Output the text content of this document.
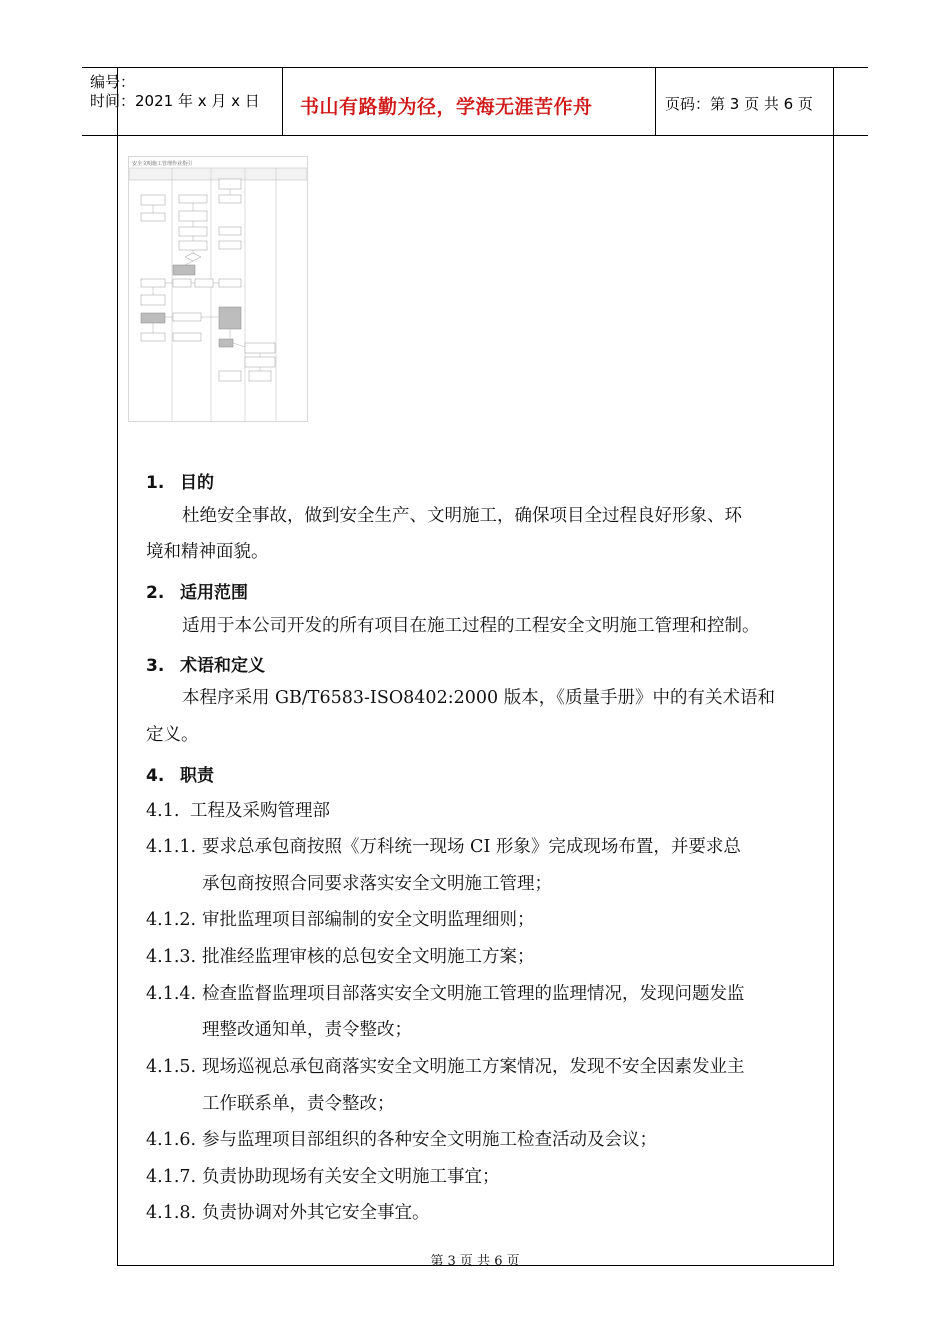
编号：
时间：2021 年 x 月 x 日 书山有路勤为径，学海无涯苦作舟	页码：第 3 页 共 6 页
安全文明施工管理作业指引
1. 目的
杜绝安全事故，做到安全生产、文明施工，确保项目全过程良好形象、环
境和精神面貌。
2. 适用范围
适用于本公司开发的所有项目在施工过程的工程安全文明施工管理和控制。
3. 术语和定义
本程序采用 GB/T6583-ISO8402:2000 版本，《质量手册》中的有关术语和
定义。
4. 职责
4.1. 工程及采购管理部
4.1.1. 要求总承包商按照《万科统一现场 CI 形象》完成现场布置，并要求总
承包商按照合同要求落实安全文明施工管理；
4.1.2. 审批监理项目部编制的安全文明监理细则；
4.1.3. 批准经监理审核的总包安全文明施工方案；
4.1.4. 检查监督监理项目部落实安全文明施工管理的监理情况，发现问题发监
理整改通知单，责令整改；
4.1.5. 现场巡视总承包商落实安全文明施工方案情况，发现不安全因素发业主
工作联系单，责令整改；
4.1.6. 参与监理项目部组织的各种安全文明施工检查活动及会议；
4.1.7. 负责协助现场有关安全文明施工事宜；
4.1.8. 负责协调对外其它安全事宜。
第 3 页 共 6 页
